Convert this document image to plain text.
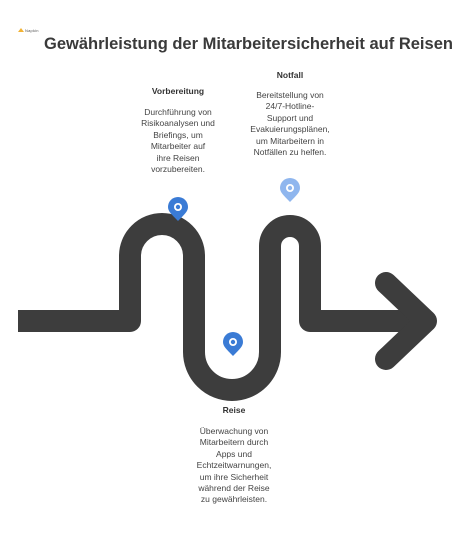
Napkin
Gewährleistung der Mitarbeitersicherheit auf Reisen

Vorbereitung

Durchführung von
Risikoanalysen und
Briefings, um
Mitarbeiter auf
ihre Reisen
vorzubereiten.

Notfall

Bereitstellung von
24/7-Hotline-
Support und
Evakuierungsplänen,
um Mitarbeitern in
Notfällen zu helfen.

Reise

Überwachung von
Mitarbeitern durch
Apps und
Echtzeitwarnungen,
um ihre Sicherheit
während der Reise
zu gewährleisten.
